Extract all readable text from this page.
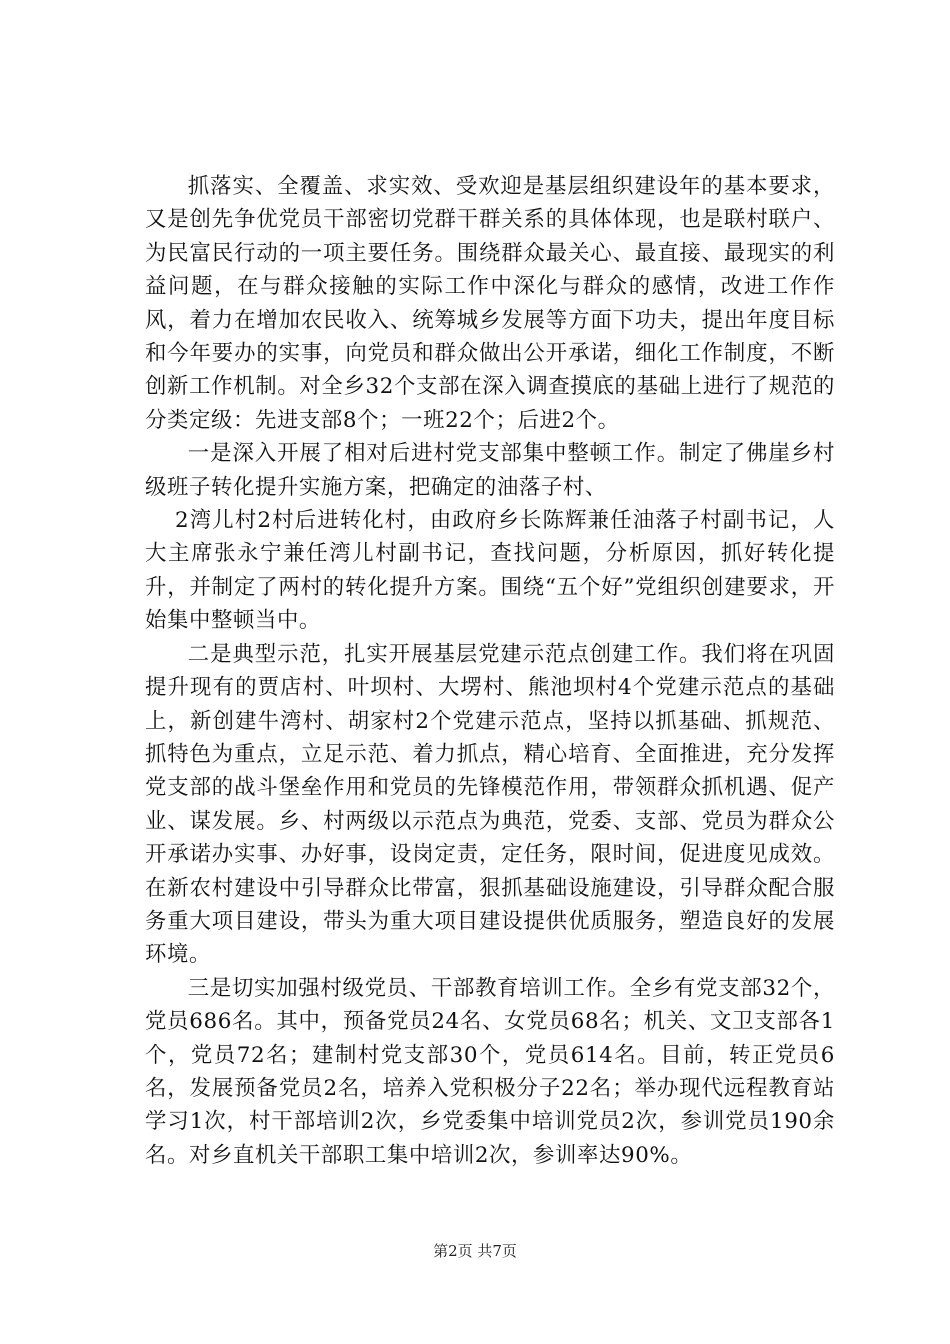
抓落实、全覆盖、求实效、受欢迎是基层组织建设年的基本要求，又是创先争优党员干部密切党群干群关系的具体体现，也是联村联户、为民富民行动的一项主要任务。围绕群众最关心、最直接、最现实的利益问题，在与群众接触的实际工作中深化与群众的感情，改进工作作风，着力在增加农民收入、统筹城乡发展等方面下功夫，提出年度目标和今年要办的实事，向党员和群众做出公开承诺，细化工作制度，不断创新工作机制。对全乡32个支部在深入调查摸底的基础上进行了规范的分类定级：先进支部8个；一班22个；后进2个。

一是深入开展了相对后进村党支部集中整顿工作。制定了佛崖乡村级班子转化提升实施方案，把确定的油落子村、

2湾儿村2村后进转化村，由政府乡长陈辉兼任油落子村副书记，人大主席张永宁兼任湾儿村副书记，查找问题，分析原因，抓好转化提升，并制定了两村的转化提升方案。围绕“五个好”党组织创建要求，开始集中整顿当中。

二是典型示范，扎实开展基层党建示范点创建工作。我们将在巩固提升现有的贾店村、叶坝村、大塄村、熊池坝村4个党建示范点的基础上，新创建牛湾村、胡家村2个党建示范点，坚持以抓基础、抓规范、抓特色为重点，立足示范、着力抓点，精心培育、全面推进，充分发挥党支部的战斗堡垒作用和党员的先锋模范作用，带领群众抓机遇、促产业、谋发展。乡、村两级以示范点为典范，党委、支部、党员为群众公开承诺办实事、办好事，设岗定责，定任务，限时间，促进度见成效。在新农村建设中引导群众比带富，狠抓基础设施建设，引导群众配合服务重大项目建设，带头为重大项目建设提供优质服务，塑造良好的发展环境。

三是切实加强村级党员、干部教育培训工作。全乡有党支部32个，党员686名。其中，预备党员24名、女党员68名；机关、文卫支部各1个，党员72名；建制村党支部30个，党员614名。目前，转正党员6名，发展预备党员2名，培养入党积极分子22名；举办现代远程教育站学习1次，村干部培训2次，乡党委集中培训党员2次，参训党员190余名。对乡直机关干部职工集中培训2次，参训率达90%。

第2页 共7页
